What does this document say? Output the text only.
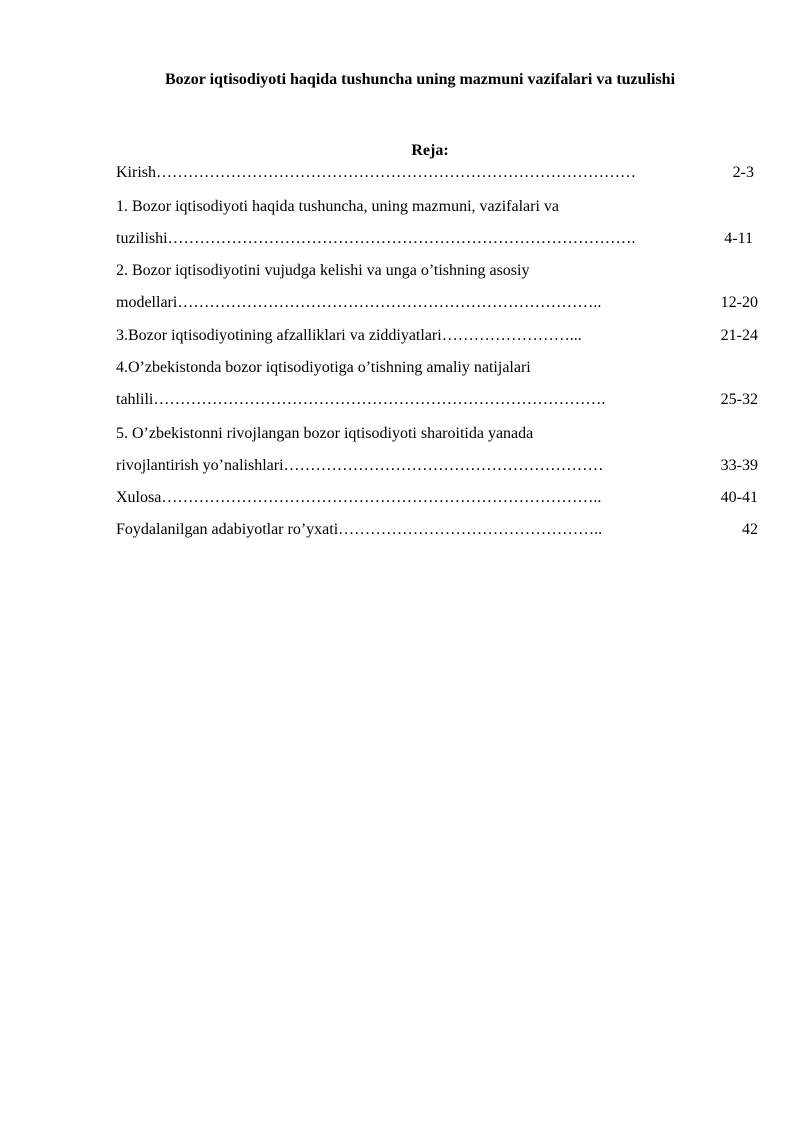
Bozor iqtisodiyoti haqida tushuncha uning mazmuni vazifalari va tuzulishi
Reja:
Kirish………………………………………………………………………………	2-3
1. Bozor iqtisodiyoti haqida tushuncha, uning mazmuni, vazifalari va
tuzilishi…………………………………………………………………………….	4-11
2. Bozor iqtisodiyotini vujudga kelishi va unga o’tishning asosiy
modellari……………………………………………………………………..	12-20
3.Bozor iqtisodiyotining afzalliklari va ziddiyatlari……………………...	21-24
4.O’zbekistonda bozor iqtisodiyotiga o’tishning amaliy natijalari
tahlili………………………………………………………………………….	25-32
5. O’zbekistonni rivojlangan bozor iqtisodiyoti sharoitida yanada
rivojlantirish yo’nalishlari……………………………………………………	33-39
Xulosa………………………………………………………………………..	40-41
Foydalanilgan adabiyotlar ro’yxati…………………………………………..	42
